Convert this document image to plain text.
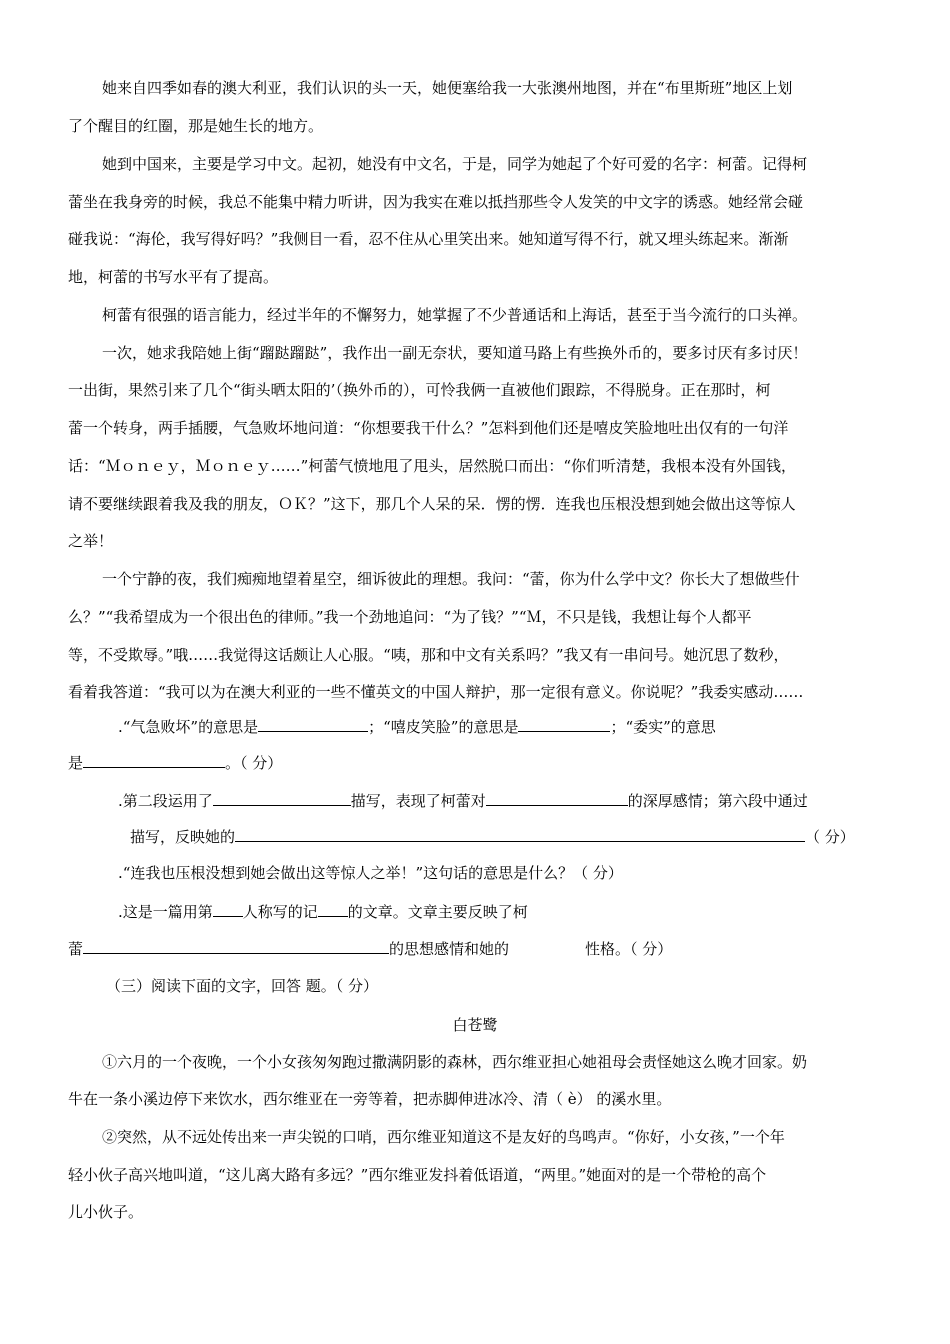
她来自四季如春的澳大利亚，我们认识的头一天，她便塞给我一大张澳州地图，并在“布里斯班”地区上划
了个醒目的红圈，那是她生长的地方。
她到中国来，主要是学习中文。起初，她没有中文名，于是，同学为她起了个好可爱的名字：柯蕾。记得柯
蕾坐在我身旁的时候，我总不能集中精力听讲，因为我实在难以抵挡那些令人发笑的中文字的诱惑。她经常会碰
碰我说：“海伦，我写得好吗？”我侧目一看，忍不住从心里笑出来。她知道写得不行，就又埋头练起来。渐渐
地，柯蕾的书写水平有了提高。
柯蕾有很强的语言能力，经过半年的不懈努力，她掌握了不少普通话和上海话，甚至于当今流行的口头禅。
一次，她求我陪她上街“蹓跶蹓跶”，我作出一副无奈状，要知道马路上有些换外币的，要多讨厌有多讨厌！
一出街，果然引来了几个“街头晒太阳的’（换外币的），可怜我俩一直被他们跟踪，不得脱身。正在那时，柯
蕾一个转身，两手插腰，气急败坏地问道：“你想要我干什么？”怎料到他们还是嘻皮笑脸地吐出仅有的一句洋
话：“Ｍｏｎｅｙ，Ｍｏｎｅｙ……”柯蕾气愤地甩了甩头，居然脱口而出：“你们听清楚，我根本没有外国钱，
请不要继续跟着我及我的朋友，ＯＫ？”这下，那几个人呆的呆．愣的愣．连我也压根没想到她会做出这等惊人
之举！
一个宁静的夜，我们痴痴地望着星空，细诉彼此的理想。我问：“蕾，你为什么学中文？你长大了想做些什
么？”“我希望成为一个很出色的律师。”我一个劲地追问：“为了钱？”“Ｍ，不只是钱，我想让每个人都平
等，不受欺辱。”哦……我觉得这话颇让人心服。“咦，那和中文有关系吗？”我又有一串问号。她沉思了数秒，
看着我答道：“我可以为在澳大利亚的一些不懂英文的中国人辩护，那一定很有意义。你说呢？”我委实感动……
.“气急败坏”的意思是	；“嘻皮笑脸”的意思是	；“委实”的意思
是	。（ 分）
.第二段运用了	描写，表现了柯蕾对	的深厚感情；第六段中通过
描写，反映她的	（ 分）
.“连我也压根没想到她会做出这等惊人之举！”这句话的意思是什么？（ 分）
.这是一篇用第 人称写的记 的文章。文章主要反映了柯
蕾	的思想感情和她的	性格。（ 分）
（三）阅读下面的文字，回答 题。（ 分）
白苍鹭
①六月的一个夜晚，一个小女孩匆匆跑过撒满阴影的森林，西尔维亚担心她祖母会责怪她这么晚才回家。奶
牛在一条小溪边停下来饮水，西尔维亚在一旁等着，把赤脚伸进冰冷、清（ è） 的溪水里。
②突然，从不远处传出来一声尖锐的口哨，西尔维亚知道这不是友好的鸟鸣声。“你好，小女孩，”一个年
轻小伙子高兴地叫道，“这儿离大路有多远？”西尔维亚发抖着低语道，“两里。”她面对的是一个带枪的高个
儿小伙子。
